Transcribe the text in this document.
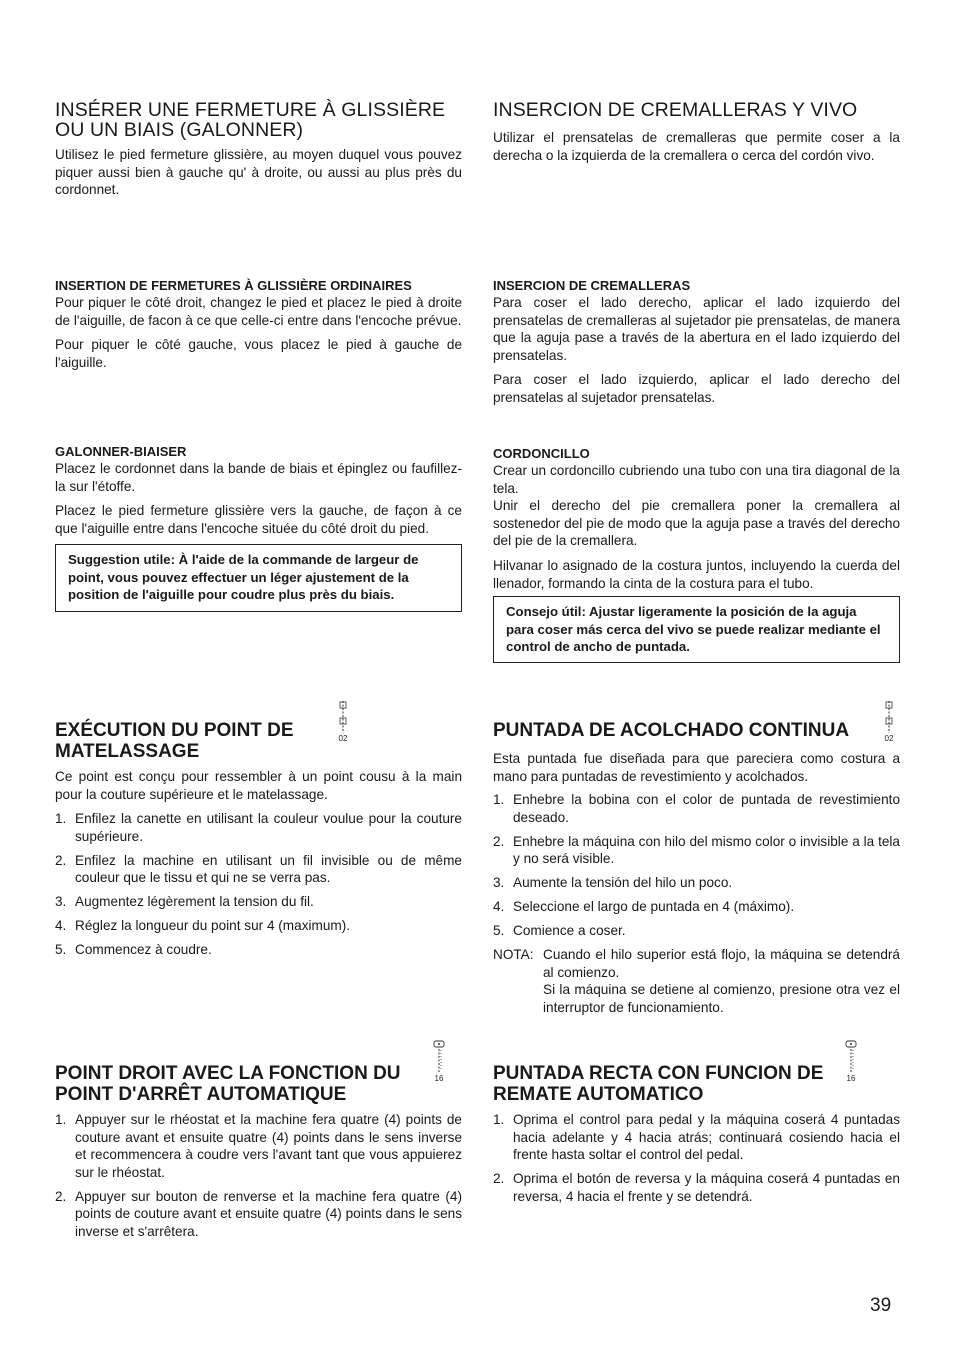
INSÉRER UNE FERMETURE À GLISSIÈRE OU UN BIAIS (GALONNER)

Utilisez le pied fermeture glissière, au moyen duquel vous pouvez piquer aussi bien à gauche qu' à droite, ou aussi au plus près du cordonnet.

INSERTION DE FERMETURES À GLISSIÈRE ORDINAIRES

Pour piquer le côté droit, changez le pied et placez le pied à droite de l'aiguille, de facon à ce que celle-ci entre dans l'encoche prévue.

Pour piquer le côté gauche, vous placez le pied à gauche de l'aiguille.

GALONNER-BIAISER

Placez le cordonnet dans la bande de biais et épinglez ou faufillez-la sur l'étoffe.

Placez le pied fermeture glissière vers la gauche, de façon à ce que l'aiguille entre dans l'encoche située du côté droit du pied.

Suggestion utile: À l'aide de la commande de largeur de point, vous pouvez effectuer un léger ajustement de la position de l'aiguille pour coudre plus près du biais.
EXÉCUTION DU POINT DE MATELASSAGE

Ce point est conçu pour ressembler à un point cousu à la main pour la couture supérieure et le matelassage.

1. Enfilez la canette en utilisant la couleur voulue pour la couture supérieure.
2. Enfilez la machine en utilisant un fil invisible ou de même couleur que le tissu et qui ne se verra pas.
3. Augmentez légèrement la tension du fil.
4. Réglez la longueur du point sur 4 (maximum).
5. Commencez à coudre.
02
POINT DROIT AVEC LA FONCTION DU POINT D'ARRÊT AUTOMATIQUE
1. Appuyer sur le rhéostat et la machine fera quatre (4) points de couture avant et ensuite quatre (4) points dans le sens inverse et recommencera à coudre vers l'avant tant que vous appuierez sur le rhéostat.
2. Appuyer sur bouton de renverse et la machine fera quatre (4) points de couture avant et ensuite quatre (4) points dans le sens inverse et s'arrêtera.
16
INSERCION DE CREMALLERAS Y VIVO

Utilizar el prensatelas de cremalleras que permite coser a la derecha o la izquierda de la cremallera o cerca del cordón vivo.

INSERCION DE CREMALLERAS

Para coser el lado derecho, aplicar el lado izquierdo del prensatelas de cremalleras al sujetador pie prensatelas, de manera que la aguja pase a través de la abertura en el lado izquierdo del prensatelas.

Para coser el lado izquierdo, aplicar el lado derecho del prensatelas al sujetador prensatelas.

CORDONCILLO

Crear un cordoncillo cubriendo una tubo con una tira diagonal de la tela.

Unir el derecho del pie cremallera poner la cremallera al sostenedor del pie de modo que la aguja pase a través del derecho del pie de la cremallera.

Hilvanar lo asignado de la costura juntos, incluyendo la cuerda del llenador, formando la cinta de la costura para el tubo.

Consejo útil: Ajustar ligeramente la posición de la aguja para coser más cerca del vivo se puede realizar mediante el control de ancho de puntada.
PUNTADA DE ACOLCHADO CONTINUA

Esta puntada fue diseñada para que pareciera como costura a mano para puntadas de revestimiento y acolchados.

1. Enhebre la bobina con el color de puntada de revestimiento deseado.
2. Enhebre la máquina con hilo del mismo color o invisible a la tela y no será visible.
3. Aumente la tensión del hilo un poco.
4. Seleccione el largo de puntada en 4 (máximo).
5. Comience a coser.
NOTA: Cuando el hilo superior está flojo, la máquina se detendrá al comienzo.
Si la máquina se detiene al comienzo, presione otra vez el interruptor de funcionamiento.
02
PUNTADA RECTA CON FUNCION DE REMATE AUTOMATICO
1. Oprima el control para pedal y la máquina coserá 4 puntadas hacia adelante y 4 hacia atrás; continuará cosiendo hacia el frente hasta soltar el control del pedal.
2. Oprima el botón de reversa y la máquina coserá 4 puntadas en reversa, 4 hacia el frente y se detendrá.
16
39
